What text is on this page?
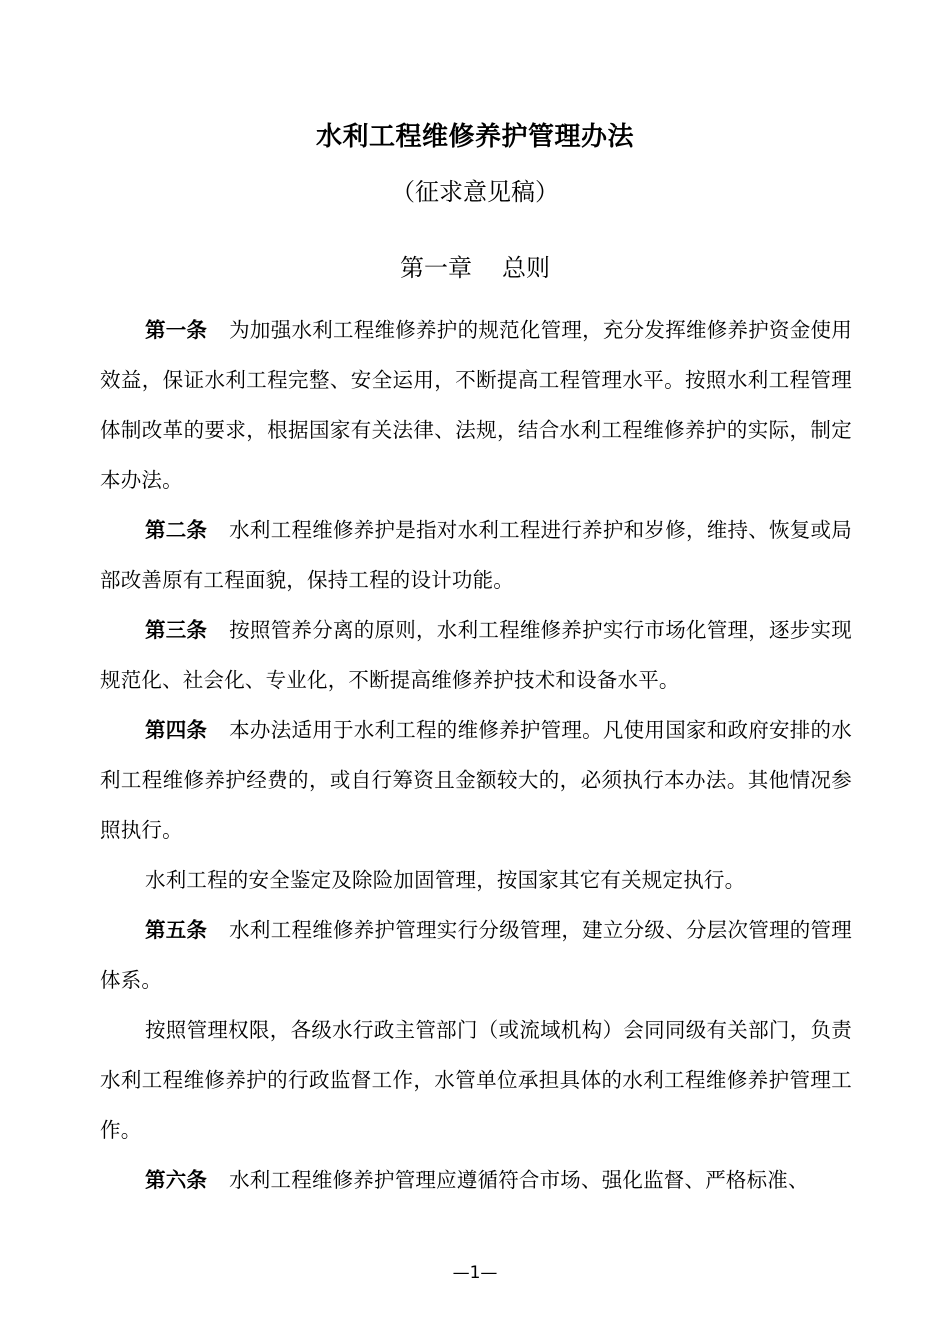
水利工程维修养护管理办法
（征求意见稿）
第一章 总则

第一条 为加强水利工程维修养护的规范化管理，充分发挥维修养护资金使用效益，保证水利工程完整、安全运用，不断提高工程管理水平。按照水利工程管理体制改革的要求，根据国家有关法律、法规，结合水利工程维修养护的实际，制定本办法。

第二条 水利工程维修养护是指对水利工程进行养护和岁修，维持、恢复或局部改善原有工程面貌，保持工程的设计功能。

第三条 按照管养分离的原则，水利工程维修养护实行市场化管理，逐步实现规范化、社会化、专业化，不断提高维修养护技术和设备水平。

第四条 本办法适用于水利工程的维修养护管理。凡使用国家和政府安排的水利工程维修养护经费的，或自行筹资且金额较大的，必须执行本办法。其他情况参照执行。

水利工程的安全鉴定及除险加固管理，按国家其它有关规定执行。

第五条 水利工程维修养护管理实行分级管理，建立分级、分层次管理的管理体系。

按照管理权限，各级水行政主管部门（或流域机构）会同同级有关部门，负责水利工程维修养护的行政监督工作，水管单位承担具体的水利工程维修养护管理工作。

第六条 水利工程维修养护管理应遵循符合市场、强化监督、严格标准、

—1—
